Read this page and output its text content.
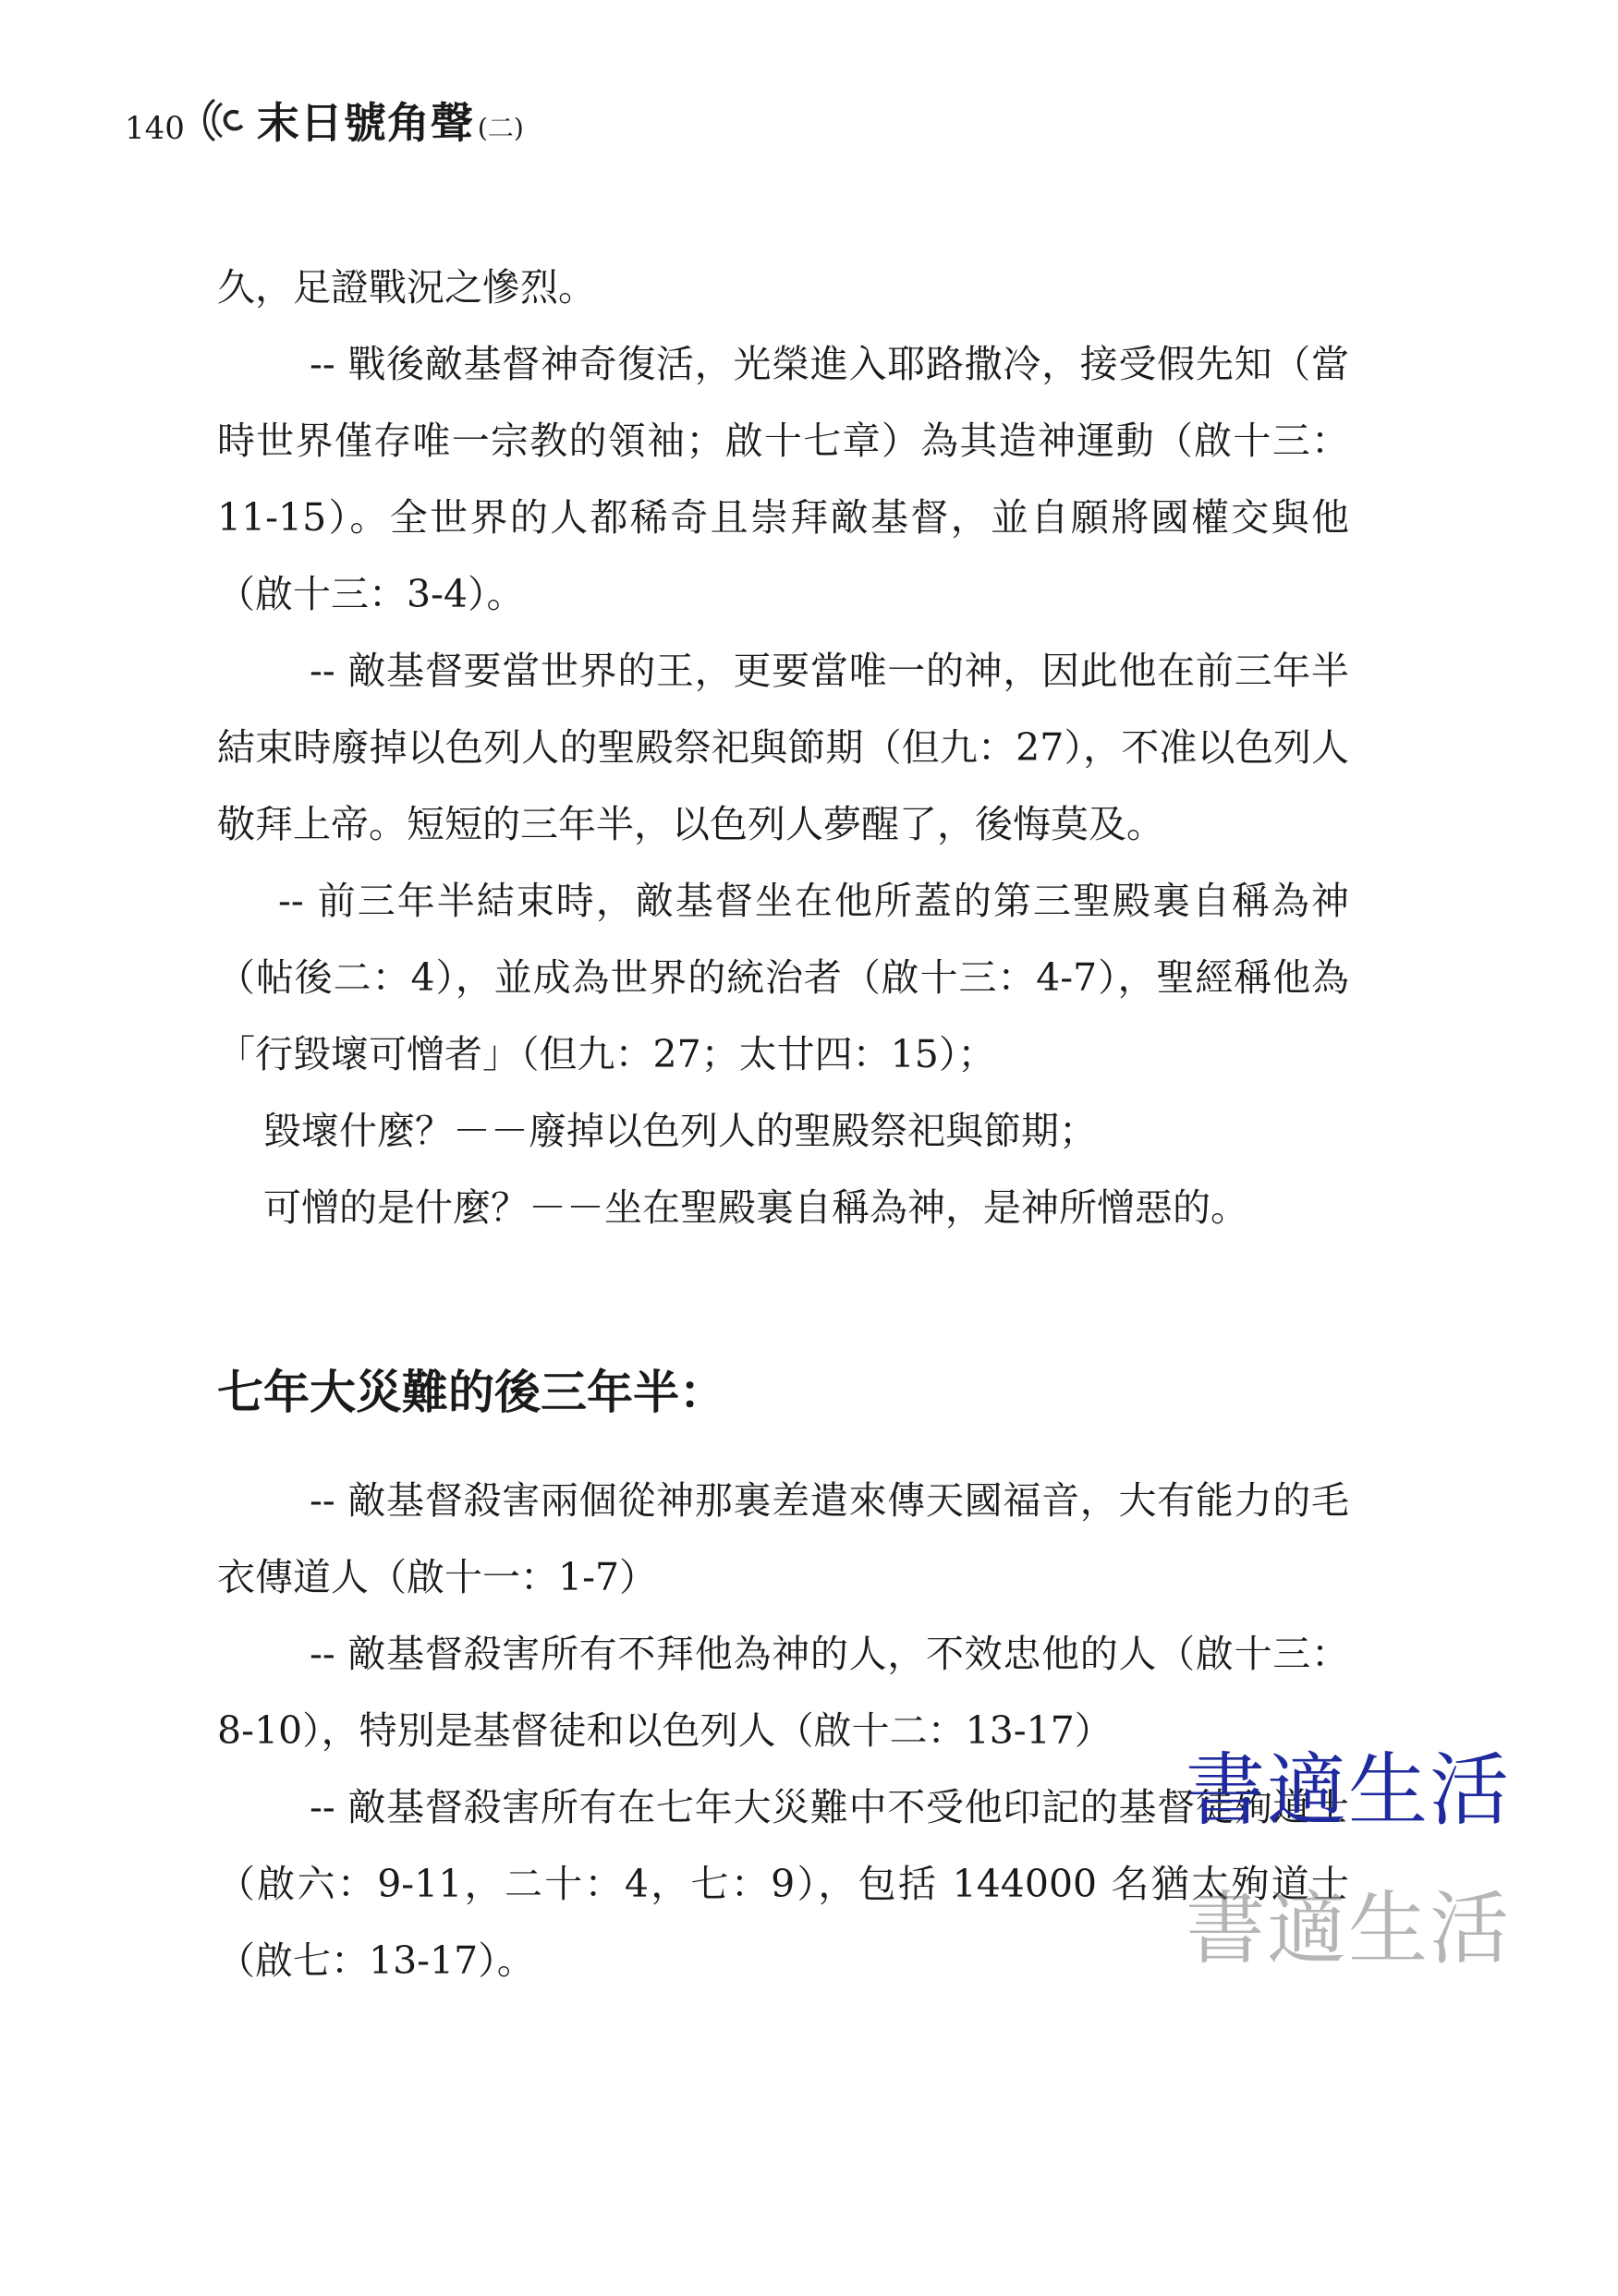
140 末日號角聲 (二)

久，足證戰況之慘烈。

-- 戰後敵基督神奇復活，光榮進入耶路撒冷，接受假先知（當時世界僅存唯一宗教的領袖；啟十七章）為其造神運動（啟十三：11-15）。全世界的人都稀奇且崇拜敵基督，並自願將國權交與他（啟十三：3-4）。

-- 敵基督要當世界的王，更要當唯一的神，因此他在前三年半結束時廢掉以色列人的聖殿祭祀與節期（但九：27），不准以色列人敬拜上帝。短短的三年半，以色列人夢醒了，後悔莫及。

-- 前三年半結束時，敵基督坐在他所蓋的第三聖殿裏自稱為神（帖後二：4），並成為世界的統治者（啟十三：4-7），聖經稱他為「行毀壞可憎者」（但九：27；太廿四：15）；

毀壞什麼？－－廢掉以色列人的聖殿祭祀與節期；

可憎的是什麼？－－坐在聖殿裏自稱為神，是神所憎惡的。

七年大災難的後三年半：

-- 敵基督殺害兩個從神那裏差遣來傳天國福音，大有能力的毛衣傳道人（啟十一：1-7）

-- 敵基督殺害所有不拜他為神的人，不效忠他的人（啟十三：8-10），特別是基督徒和以色列人（啟十二：13-17）

-- 敵基督殺害所有在七年大災難中不受他印記的基督徒殉道士（啟六：9-11，二十：4，七：9），包括 144000 名猶太殉道士（啟七：13-17）。

書適生活
書適生活
